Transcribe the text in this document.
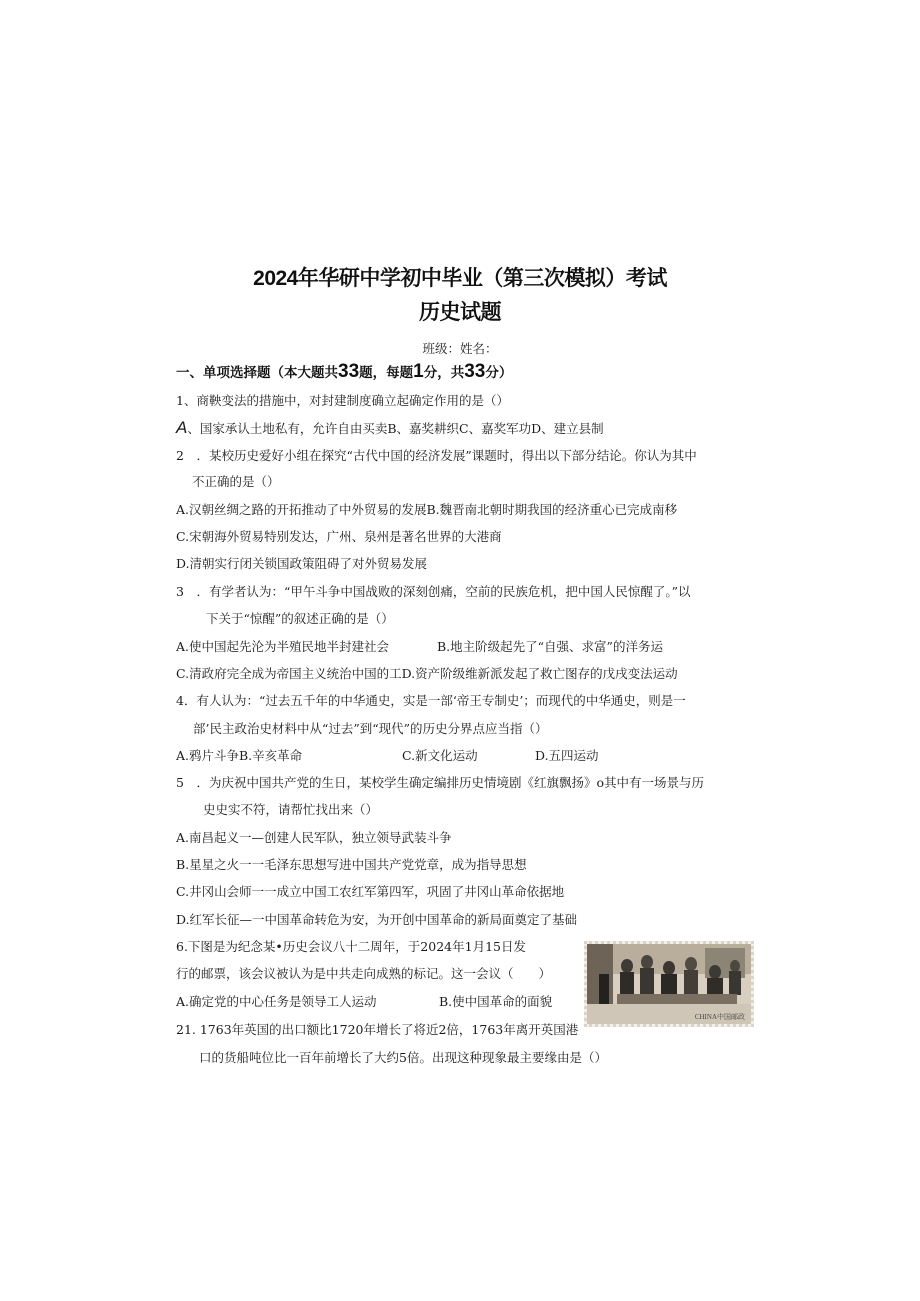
2024年华研中学初中毕业（第三次模拟）考试
历史试题
班级：姓名：
一、单项选择题（本大题共33题，每题1分，共33分）
1、商鞅变法的措施中，对封建制度确立起确定作用的是（）
A、国家承认土地私有，允许自由买卖B、嘉奖耕织C、嘉奖军功D、建立县制
2　．某校历史爱好小组在探究“古代中国的经济发展”课题时，得出以下部分结论。你认为其中
不正确的是（）
A.汉朝丝绸之路的开拓推动了中外贸易的发展B.魏晋南北朝时期我国的经济重心已完成南移
C.宋朝海外贸易特别发达，广州、泉州是著名世界的大港商
D.清朝实行闭关锁国政策阻碍了对外贸易发展
3　．有学者认为：“甲午斗争中国战败的深刻创痛，空前的民族危机，把中国人民惊醒了。”以
下关于“惊醒”的叙述正确的是（）
A.使中国起先沦为半殖民地半封建社会	B.地主阶级起先了“自强、求富”的洋务运
C.清政府完全成为帝国主义统治中国的工D.资产阶级维新派发起了救亡图存的戊戌变法运动
4．有人认为：“过去五千年的中华通史，实是一部‘帝王专制史’；而现代的中华通史，则是一
部’民主政治史材料中从“过去”到“现代”的历史分界点应当指（）
A.鸦片斗争B.辛亥革命	C.新文化运动	D.五四运动
5　．为庆祝中国共产党的生日，某校学生确定编排历史情境剧《红旗飘扬》o其中有一场景与历
史史实不符，请帮忙找出来（）
A.南昌起义一—创建人民军队，独立领导武装斗争
B.星星之火一一毛泽东思想写进中国共产党党章，成为指导思想
C.井冈山会师一一成立中国工农红军第四军，巩固了井冈山革命依据地
D.红军长征—一中国革命转危为安，为开创中国革命的新局面奠定了基础
6.下图是为纪念某•历史会议八十二周年，于2024年1月15日发
行的邮票，该会议被认为是中共走向成熟的标记。这一会议（　　）
A.确定党的中心任务是领导工人运动	B.使中国革命的面貌
21. 1763年英国的出口额比1720年增长了将近2倍，1763年离开英国港
口的货船吨位比一百年前增长了大约5倍。出现这种现象最主要缘由是（）
CHINA中国邮政
